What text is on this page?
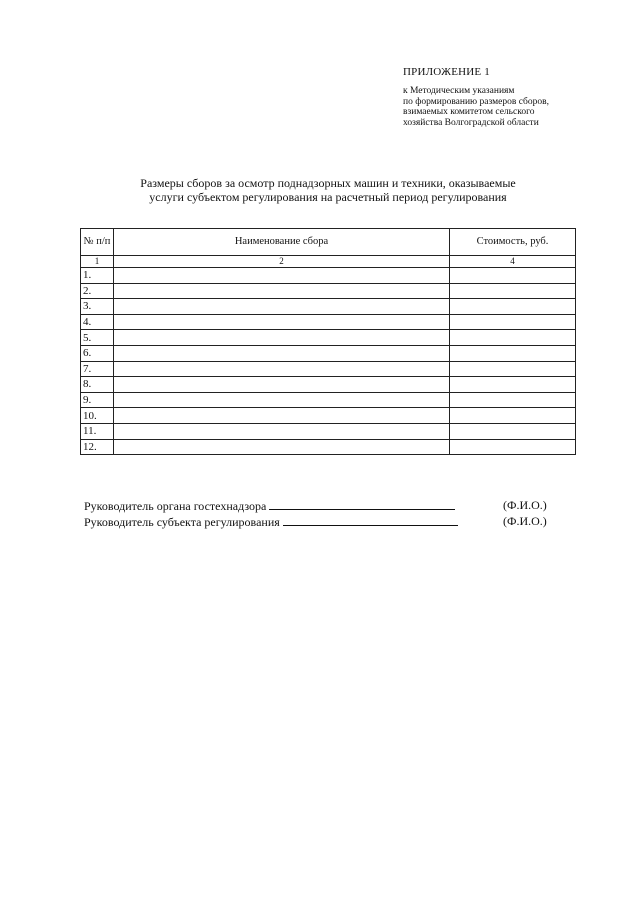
ПРИЛОЖЕНИЕ 1
к Методическим указаниям
по формированию размеров сборов,
взимаемых комитетом сельского
хозяйства Волгоградской области
Размеры сборов за осмотр поднадзорных машин и техники, оказываемые
услуги субъектом регулирования на расчетный период регулирования
№ п/п	Наименование сбора	Стоимость, руб.
1	2	4
1.		
2.		
3.		
4.		
5.		
6.		
7.		
8.		
9.		
10.		
11.		
12.		
Руководитель органа гостехнадзора	(Ф.И.О.)
Руководитель субъекта регулирования	(Ф.И.О.)
